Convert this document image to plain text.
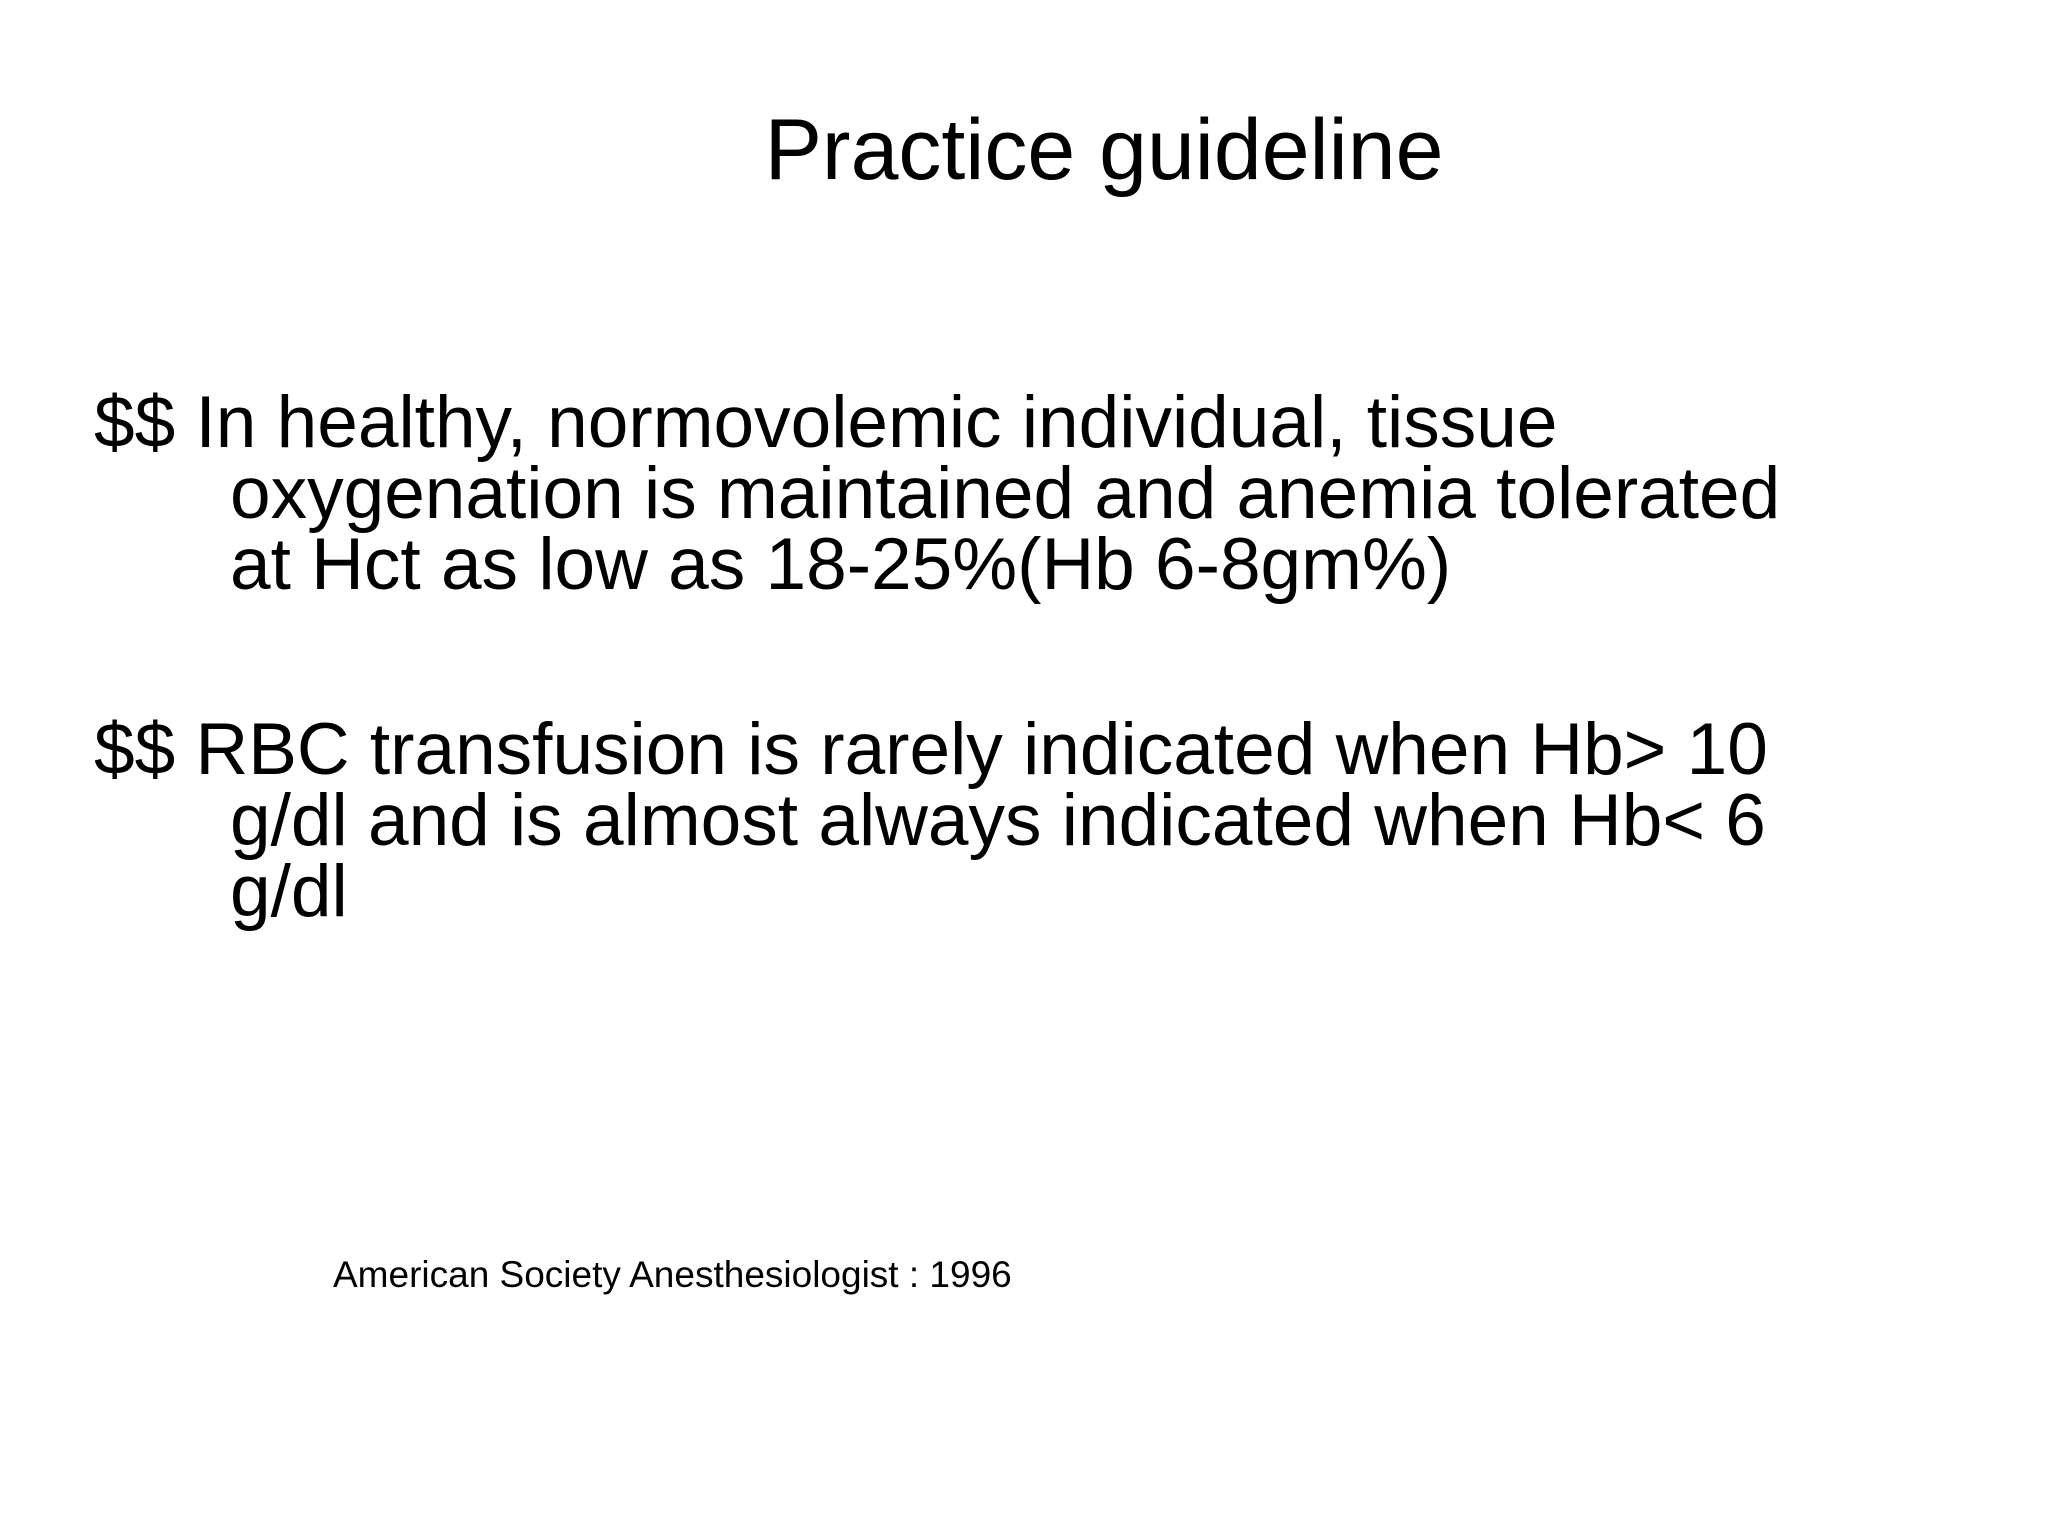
Practice guideline
$$ In healthy, normovolemic individual, tissue
oxygenation is maintained and anemia tolerated
at Hct as low as 18-25%(Hb 6-8gm%)
$$ RBC transfusion is rarely indicated when Hb> 10
g/dl and is almost always indicated when Hb< 6
g/dl
American Society Anesthesiologist : 1996
